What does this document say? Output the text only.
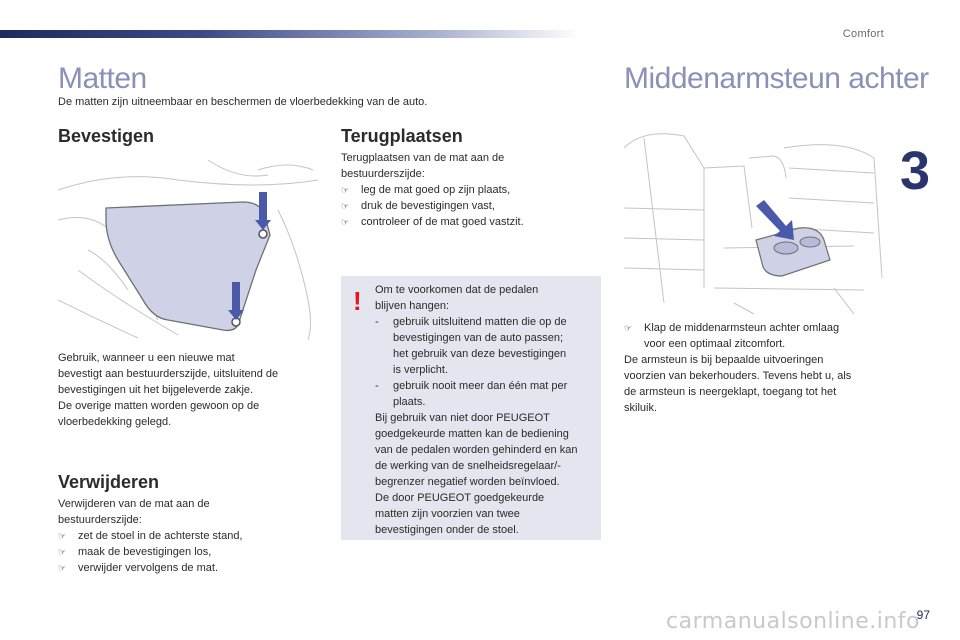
Comfort
3
Matten
De matten zijn uitneembaar en beschermen de vloerbedekking van de auto.
Bevestigen

Gebruik, wanneer u een nieuwe mat

bevestigt aan bestuurderszijde, uitsluitend de

bevestigingen uit het bijgeleverde zakje.

De overige matten worden gewoon op de

vloerbedekking gelegd.

Verwijderen

Verwijderen van de mat aan de

bestuurderszijde:

☞	zet de stoel in de achterste stand,
☞	maak de bevestigingen los,
☞	verwijder vervolgens de mat.
Terugplaatsen

Terugplaatsen van de mat aan de

bestuurderszijde:

☞	leg de mat goed op zijn plaats,
☞	druk de bevestigingen vast,
☞	controleer of de mat goed vastzit.
! Om te voorkomen dat de pedalen

blijven hangen:

-	gebruik uitsluitend matten die op de

bevestigingen van de auto passen;

het gebruik van deze bevestigingen

is verplicht.

-	gebruik nooit meer dan één mat per

plaats.

Bij gebruik van niet door PEUGEOT

goedgekeurde matten kan de bediening

van de pedalen worden gehinderd en kan

de werking van de snelheidsregelaar/-

begrenzer negatief worden beïnvloed.

De door PEUGEOT goedgekeurde

matten zijn voorzien van twee

bevestigingen onder de stoel.

Middenarmsteun achter
☞	Klap de middenarmsteun achter omlaag

voor een optimaal zitcomfort.

De armsteun is bij bepaalde uitvoeringen

voorzien van bekerhouders. Tevens hebt u, als

de armsteun is neergeklapt, toegang tot het

skiluik.

carmanualsonline.info
97
